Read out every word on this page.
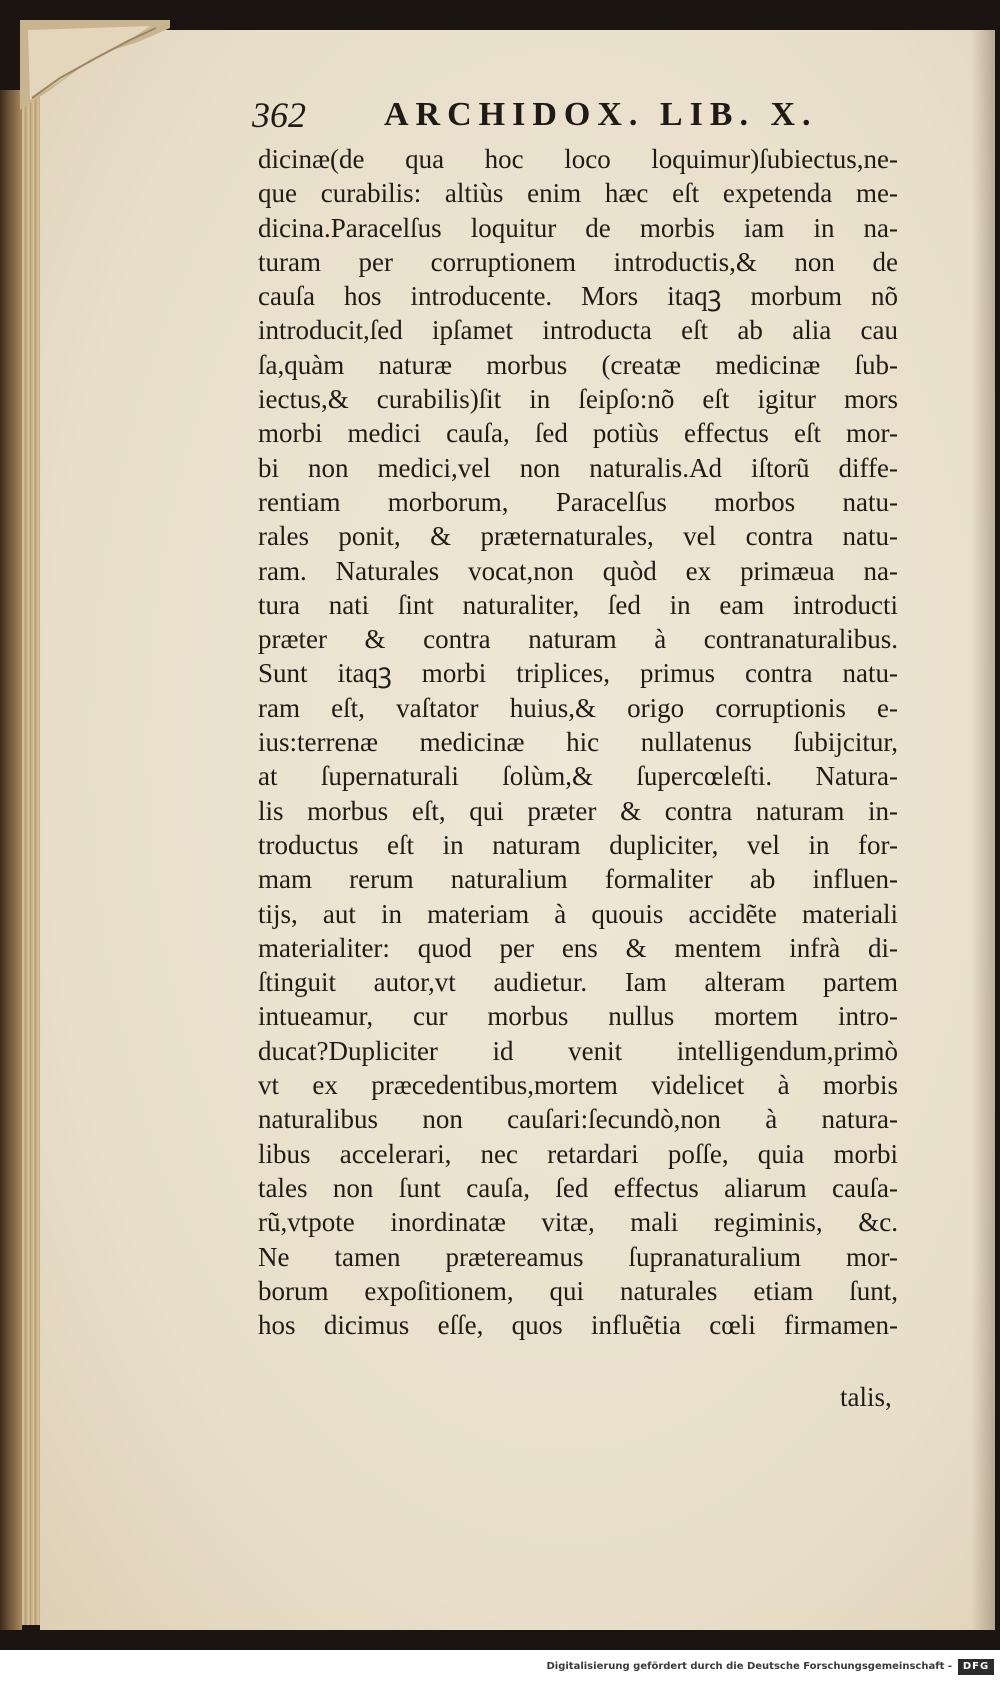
362 ARCHIDOX. LIB. X.
dicinæ(de qua hoc loco loquimur)ſubiectus,ne-
que curabilis: altiùs enim hæc eſt expetenda me-
dicina.Paracelſus loquitur de morbis iam in na-
turam per corruptionem introductis,& non de
cauſa hos introducente. Mors itaqꝫ morbum nõ
introducit,ſed ipſamet introducta eſt ab alia cau
ſa,quàm naturæ morbus (creatæ medicinæ ſub-
iectus,& curabilis)ſit in ſeipſo:nõ eſt igitur mors
morbi medici cauſa, ſed potiùs effectus eſt mor-
bi non medici,vel non naturalis.Ad iſtorũ diffe-
rentiam morborum, Paracelſus morbos natu-
rales ponit, & præternaturales, vel contra natu-
ram. Naturales vocat,non quòd ex primæua na-
tura nati ſint naturaliter, ſed in eam introducti
præter & contra naturam à contranaturalibus.
Sunt itaqꝫ morbi triplices, primus contra natu-
ram eſt, vaſtator huius,& origo corruptionis e-
ius:terrenæ medicinæ hic nullatenus ſubijcitur,
at ſupernaturali ſolùm,& ſupercœleſti. Natura-
lis morbus eſt, qui præter & contra naturam in-
troductus eſt in naturam dupliciter, vel in for-
mam rerum naturalium formaliter ab influen-
tijs, aut in materiam à quouis accidẽte materiali
materialiter: quod per ens & mentem infrà di-
ſtinguit autor,vt audietur. Iam alteram partem
intueamur, cur morbus nullus mortem intro-
ducat?Dupliciter id venit intelligendum,primò
vt ex præcedentibus,mortem videlicet à morbis
naturalibus non cauſari:ſecundò,non à natura-
libus accelerari, nec retardari poſſe, quia morbi
tales non ſunt cauſa, ſed effectus aliarum cauſa-
rũ,vtpote inordinatæ vitæ, mali regiminis, &c.
Ne tamen prætereamus ſupranaturalium mor-
borum expoſitionem, qui naturales etiam ſunt,
hos dicimus eſſe, quos influẽtia cœli firmamen-
talis,
Digitalisierung gefördert durch die Deutsche Forschungsgemeinschaft -	DFG
